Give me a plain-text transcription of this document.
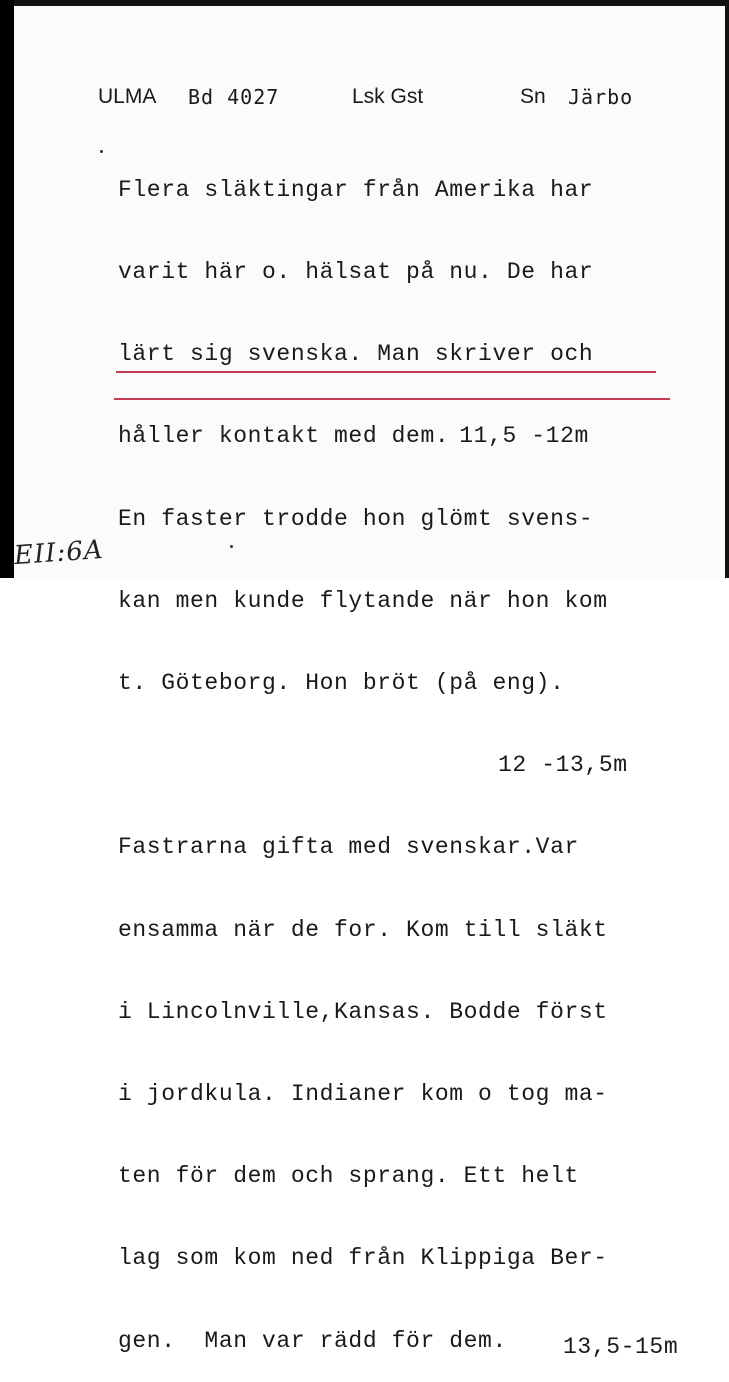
ULMA Bd 4027	Lsk Gst	Sn Järbo

Flera släktingar från Amerika har

varit här o. hälsat på nu. De har

lärt sig svenska. Man skriver och

håller kontakt med dem. 11,5 -12m

En faster trodde hon glömt svens-

kan men kunde flytande när hon kom

t. Göteborg. Hon bröt (på eng).

12 -13,5m

Fastrarna gifta med svenskar.Var

ensamma när de for. Kom till släkt

i Lincolnville,Kansas. Bodde först

i jordkula. Indianer kom o tog ma-

ten för dem och sprang. Ett helt

lag som kom ned från Klippiga Ber-

gen.  Man var rädd för dem. 13,5-15m

EII:6A
